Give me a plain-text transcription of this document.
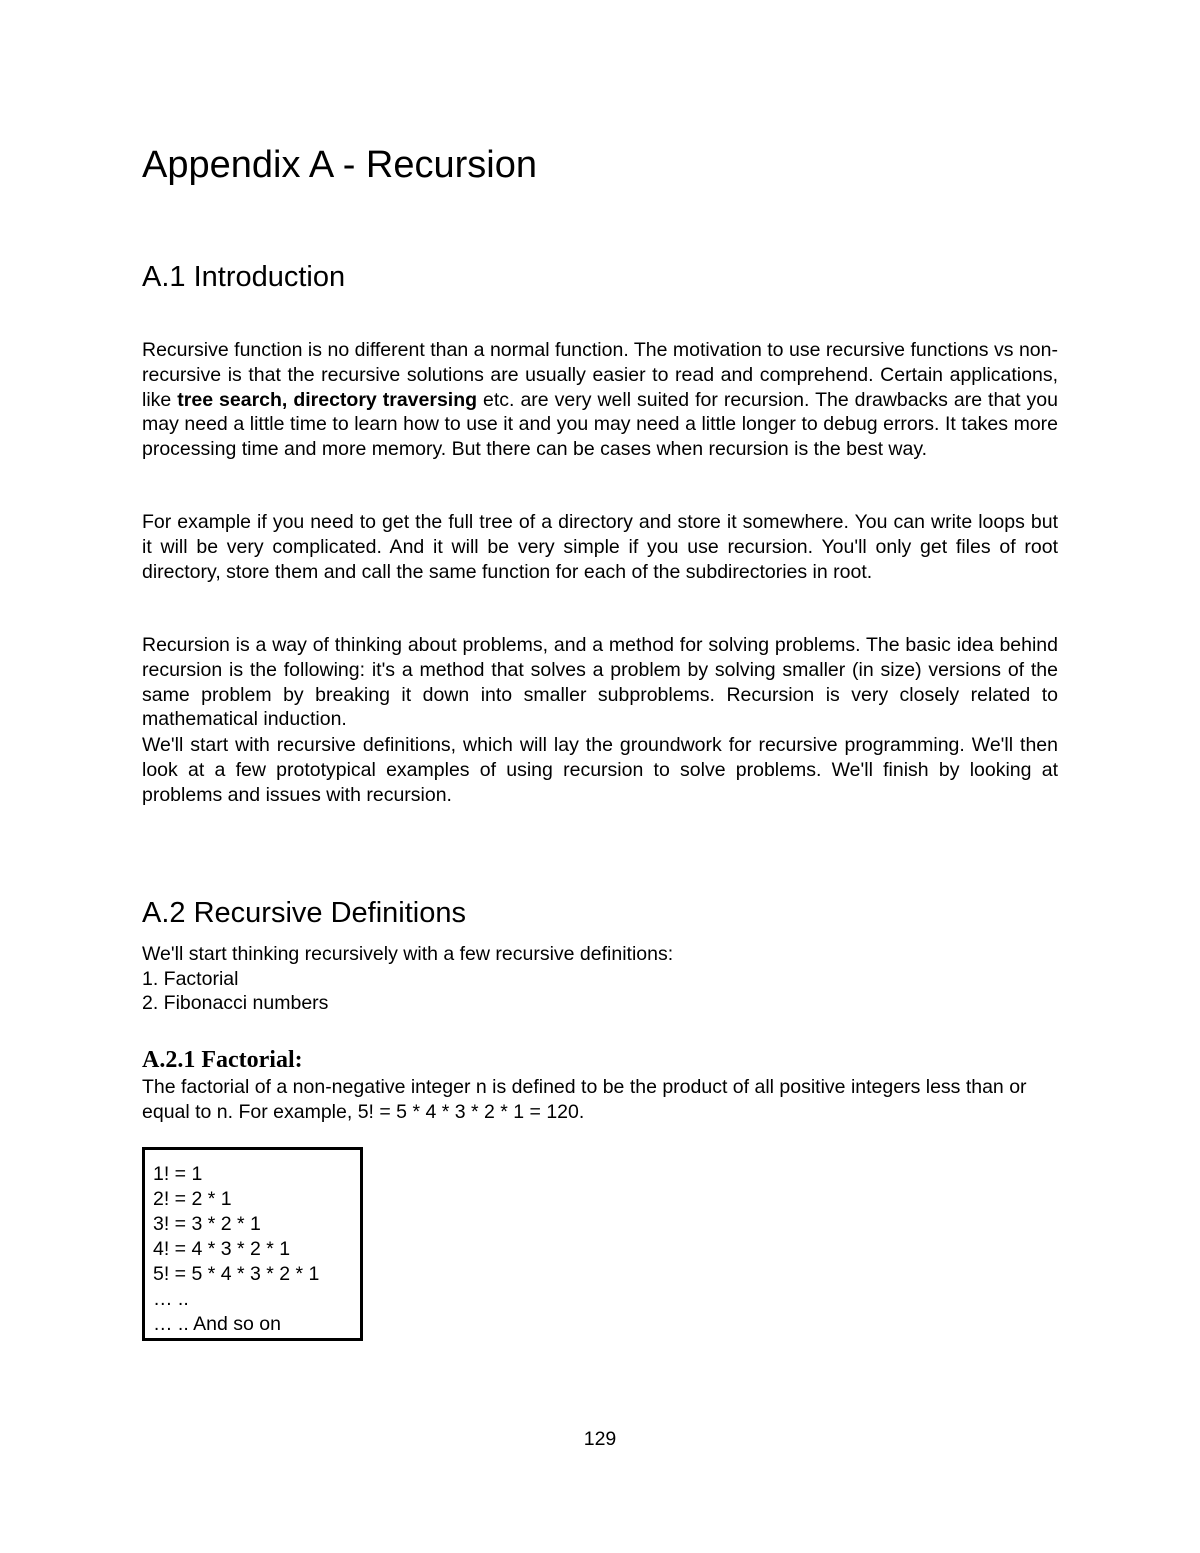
Appendix A - Recursion
A.1 Introduction

Recursive function is no different than a normal function. The motivation to use recursive functions vs non-recursive is that the recursive solutions are usually easier to read and comprehend. Certain applications, like tree search, directory traversing etc. are very well suited for recursion. The drawbacks are that you may need a little time to learn how to use it and you may need a little longer to debug errors. It takes more processing time and more memory. But there can be cases when recursion is the best way.

For example if you need to get the full tree of a directory and store it somewhere. You can write loops but it will be very complicated. And it will be very simple if you use recursion. You'll only get files of root directory, store them and call the same function for each of the subdirectories in root.

Recursion is a way of thinking about problems, and a method for solving problems. The basic idea behind recursion is the following: it's a method that solves a problem by solving smaller (in size) versions of the same problem by breaking it down into smaller subproblems. Recursion is very closely related to mathematical induction.

We'll start with recursive definitions, which will lay the groundwork for recursive programming. We'll then look at a few prototypical examples of using recursion to solve problems. We'll finish by looking at problems and issues with recursion.

A.2 Recursive Definitions
We'll start thinking recursively with a few recursive definitions:
1. Factorial
2. Fibonacci numbers
A.2.1 Factorial:

The factorial of a non-negative integer n is defined to be the product of all positive integers less than or equal to n. For example, 5! = 5 * 4 * 3 * 2 * 1 = 120.

1! = 1
2! = 2 * 1
3! = 3 * 2 * 1
4! = 4 * 3 * 2 * 1
5! = 5 * 4 * 3 * 2 * 1
… ..
… .. And so on
129
